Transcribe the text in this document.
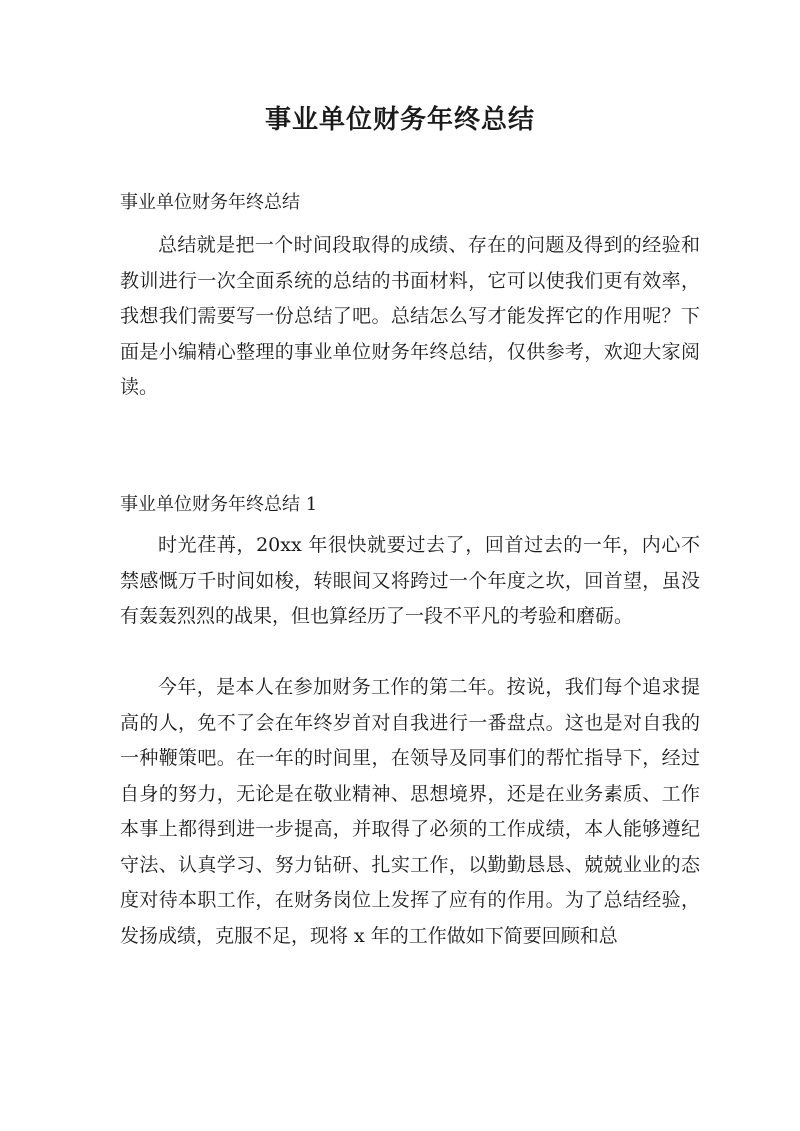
事业单位财务年终总结
事业单位财务年终总结

总结就是把一个时间段取得的成绩、存在的问题及得到的经验和教训进行一次全面系统的总结的书面材料，它可以使我们更有效率，我想我们需要写一份总结了吧。总结怎么写才能发挥它的作用呢？下面是小编精心整理的事业单位财务年终总结，仅供参考，欢迎大家阅读。

事业单位财务年终总结 1

时光荏苒，20xx 年很快就要过去了，回首过去的一年，内心不禁感慨万千时间如梭，转眼间又将跨过一个年度之坎，回首望，虽没有轰轰烈烈的战果，但也算经历了一段不平凡的考验和磨砺。

今年，是本人在参加财务工作的第二年。按说，我们每个追求提高的人，免不了会在年终岁首对自我进行一番盘点。这也是对自我的一种鞭策吧。在一年的时间里，在领导及同事们的帮忙指导下，经过自身的努力，无论是在敬业精神、思想境界，还是在业务素质、工作本事上都得到进一步提高，并取得了必须的工作成绩，本人能够遵纪守法、认真学习、努力钻研、扎实工作，以勤勤恳恳、兢兢业业的态度对待本职工作，在财务岗位上发挥了应有的作用。为了总结经验，发扬成绩，克服不足，现将 x 年的工作做如下简要回顾和总
